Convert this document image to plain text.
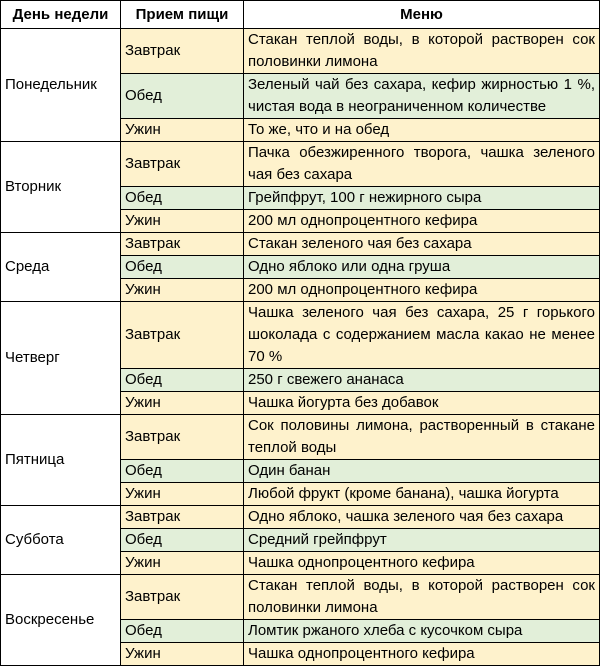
День недели	Прием пищи	Меню
Понедельник	Завтрак	Стакан теплой воды, в которой растворен сок половинки лимона
	Обед	Зеленый чай без сахара, кефир жирностью 1 %, чистая вода в неограниченном количестве
	Ужин	То же, что и на обед
Вторник	Завтрак	Пачка обезжиренного творога, чашка зеленого чая без сахара
	Обед	Грейпфрут, 100 г нежирного сыра
	Ужин	200 мл однопроцентного кефира
Среда	Завтрак	Стакан зеленого чая без сахара
	Обед	Одно яблоко или одна груша
	Ужин	200 мл однопроцентного кефира
Четверг	Завтрак	Чашка зеленого чая без сахара, 25 г горького шоколада с содержанием масла какао не менее 70 %
	Обед	250 г свежего ананаса
	Ужин	Чашка йогурта без добавок
Пятница	Завтрак	Сок половины лимона, растворенный в стакане теплой воды
	Обед	Один банан
	Ужин	Любой фрукт (кроме банана), чашка йогурта
Суббота	Завтрак	Одно яблоко, чашка зеленого чая без сахара
	Обед	Средний грейпфрут
	Ужин	Чашка однопроцентного кефира
Воскресенье	Завтрак	Стакан теплой воды, в которой растворен сок половинки лимона
	Обед	Ломтик ржаного хлеба с кусочком сыра
	Ужин	Чашка однопроцентного кефира
